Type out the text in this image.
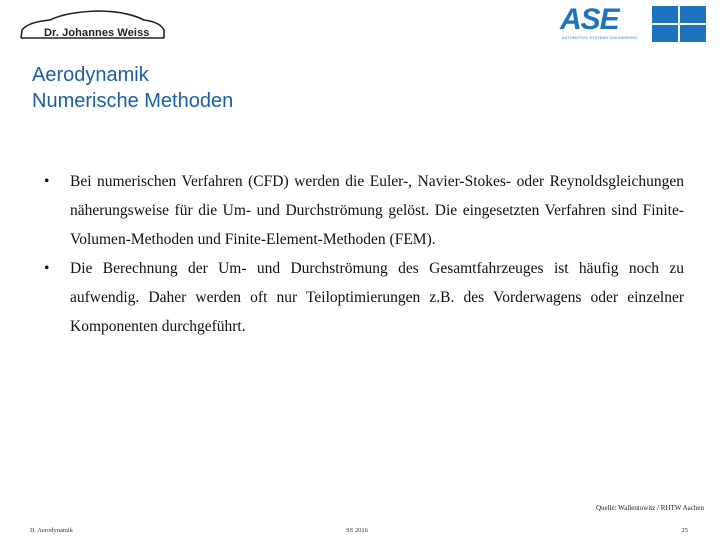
Dr. Johannes Weiss	ASE
AUTOMOTIVE SYSTEMS ENGINEERING
Aerodynamik
Numerische Methoden
• Bei numerischen Verfahren (CFD) werden die Euler-, Navier-Stokes- oder Reynoldsgleichungen näherungsweise für die Um- und Durchströmung gelöst. Die eingesetzten Verfahren sind Finite-Volumen-Methoden und Finite-Element-Methoden (FEM).
• Die Berechnung der Um- und Durchströmung des Gesamtfahrzeuges ist häufig noch zu aufwendig. Daher werden oft nur Teiloptimierungen z.B. des Vorderwagens oder einzelner Komponenten durchgeführt.
Quelle: Wallentowitz / RHTW Aachen
II. Aerodynamik	SS 2016	25
